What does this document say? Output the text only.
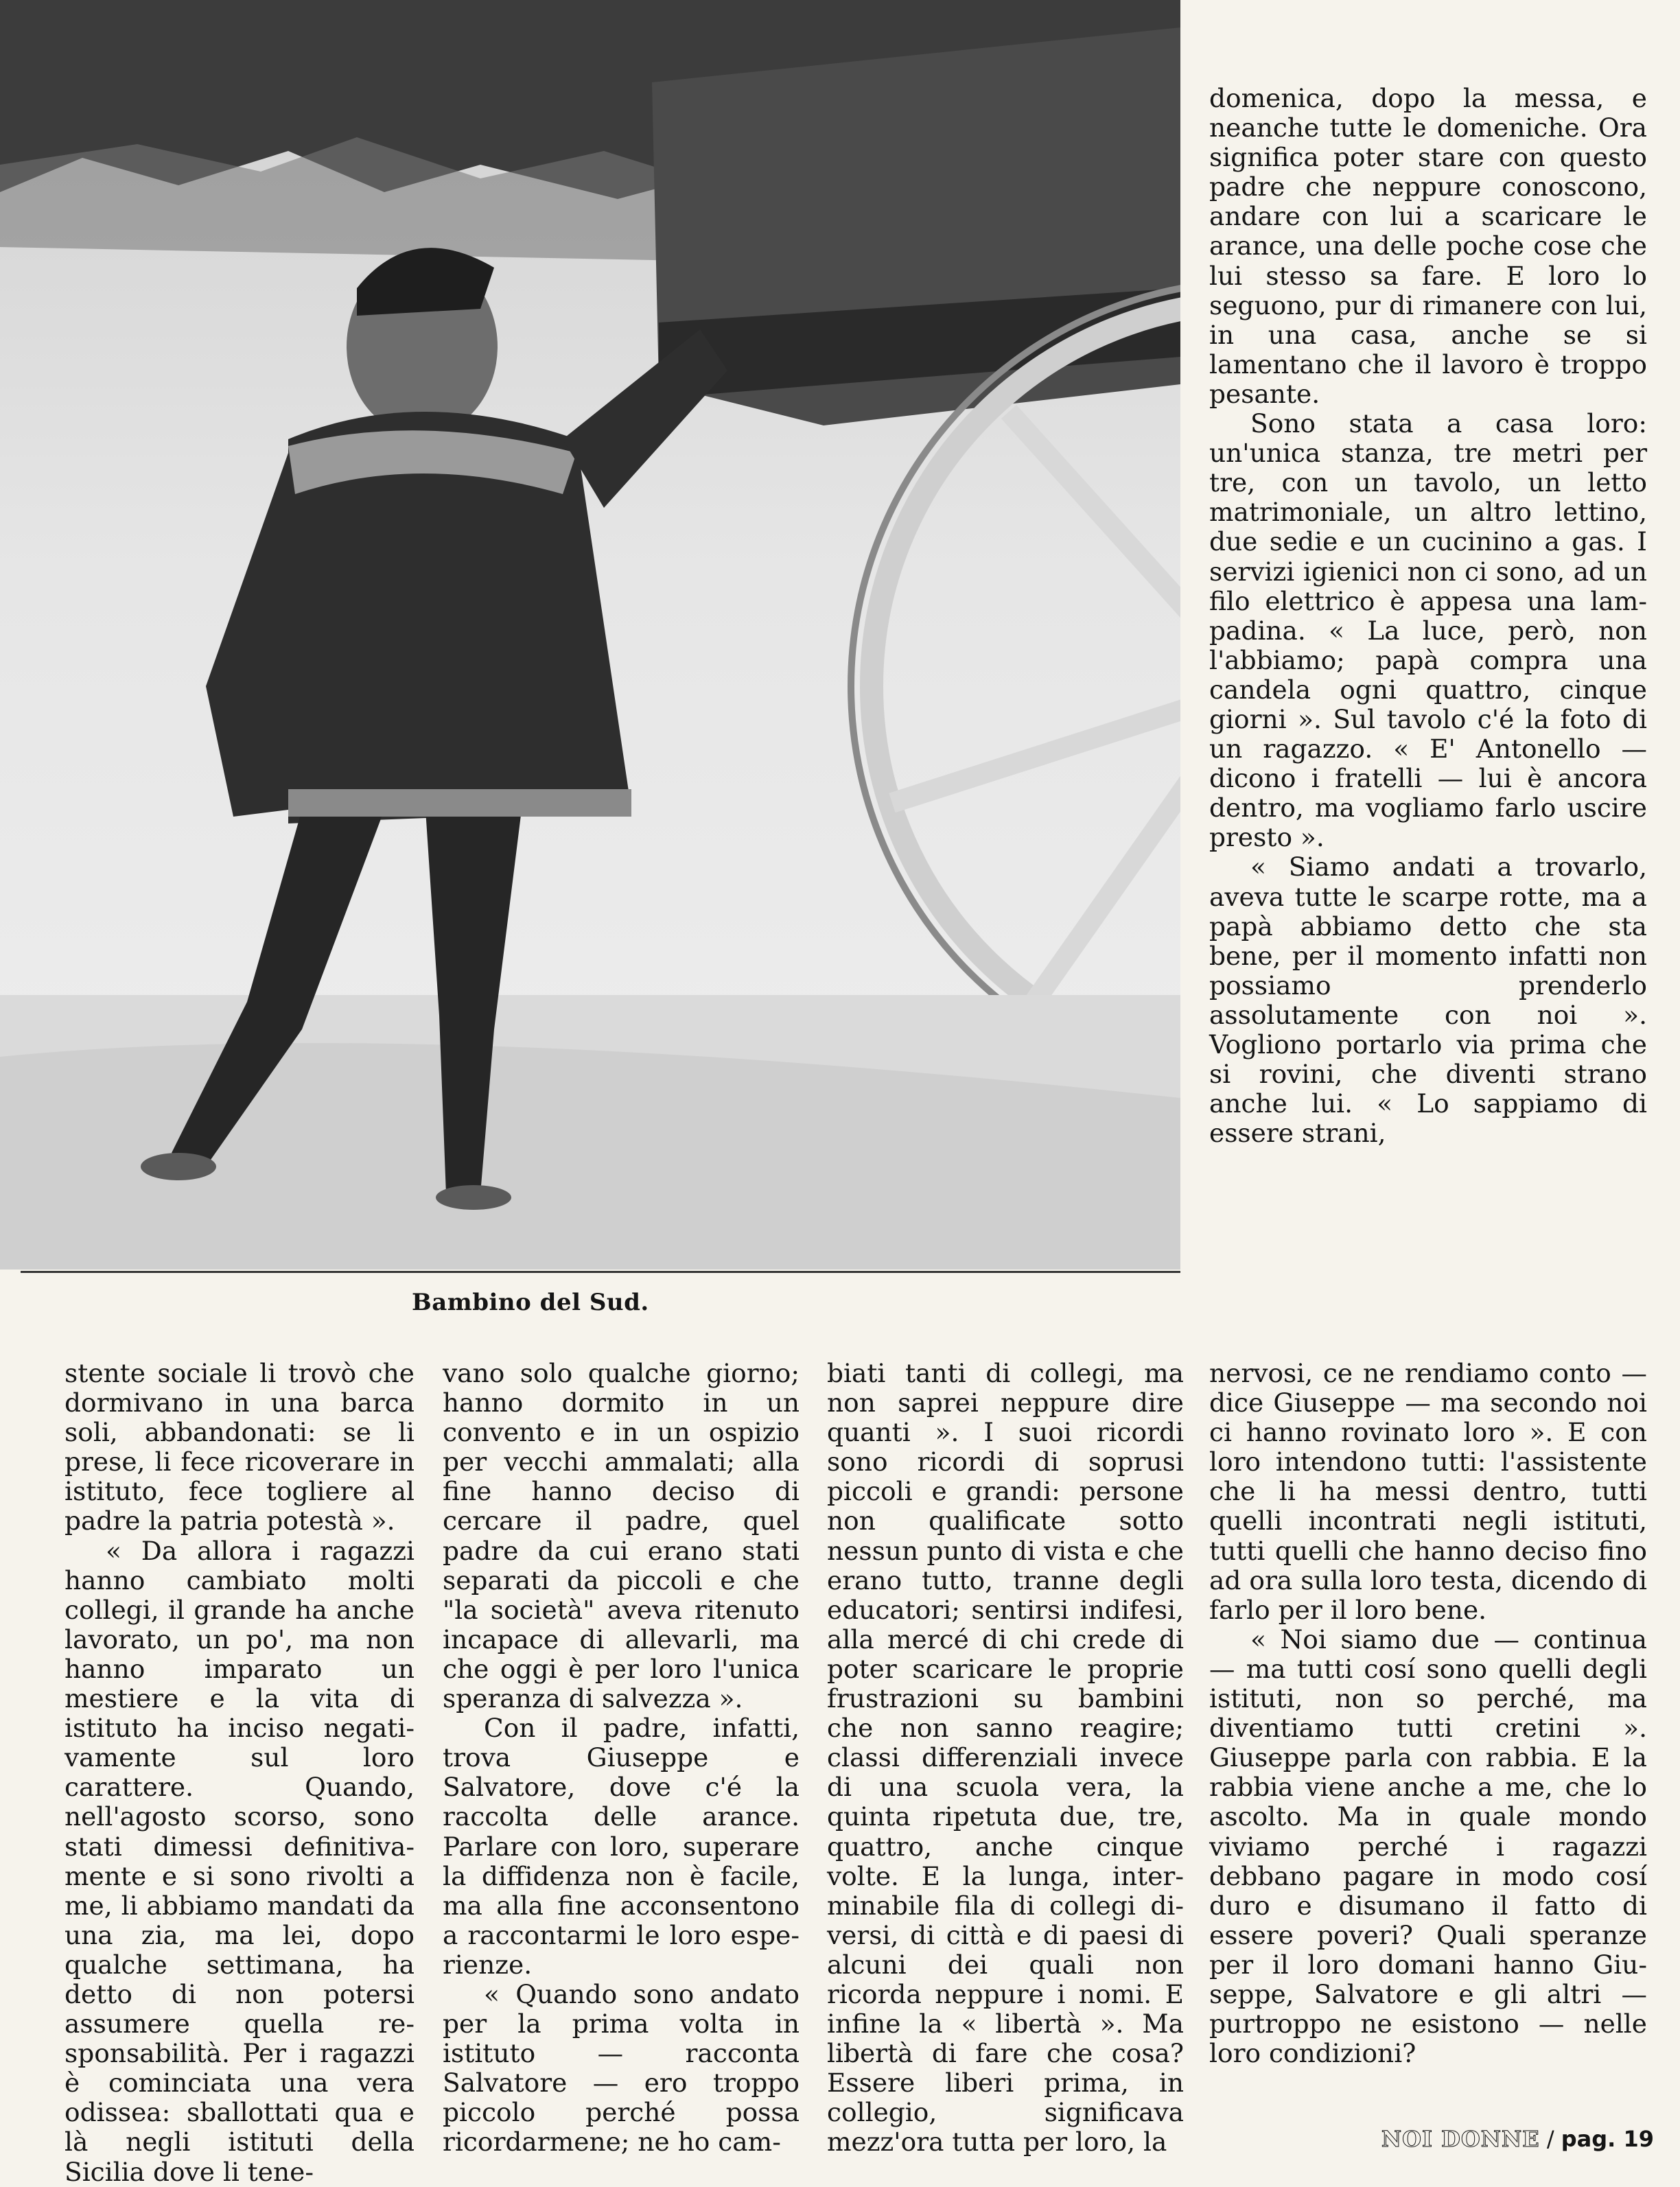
Bambino del Sud.

domenica, dopo la messa, e neanche tutte le domeniche. Ora significa poter stare con questo padre che neppure conoscono, andare con lui a scaricare le arance, una delle poche cose che lui stesso sa fare. E loro lo seguono, pur di rimanere con lui, in una casa, anche se si lamentano che il lavoro è troppo pesante.

Sono stata a casa loro: un'unica stanza, tre metri per tre, con un tavolo, un letto matrimoniale, un altro lettino, due sedie e un cucinino a gas. I servizi igienici non ci sono, ad un filo elettrico è appesa una lampadina. « La luce, però, non l'abbiamo; papà compra una candela ogni quattro, cinque giorni ». Sul tavolo c'é la foto di un ragazzo. « E' Antonello — dicono i fratelli — lui è ancora dentro, ma vogliamo farlo uscire presto ».

« Siamo andati a trovarlo, aveva tutte le scarpe rotte, ma a papà abbiamo detto che sta bene, per il momento infatti non possiamo prenderlo assolutamente con noi ». Vogliono portarlo via prima che si rovini, che diventi strano anche lui. « Lo sappiamo di essere strani,

stente sociale li trovò che dormivano in una barca soli, abbandonati: se li prese, li fece ricoverare in istituto, fece togliere al padre la patria potestà ».

« Da allora i ragazzi hanno cambiato molti collegi, il grande ha anche lavorato, un po', ma non hanno imparato un mestiere e la vita di istituto ha inciso negativamente sul loro carattere. Quando, nell'agosto scorso, sono stati dimessi definitivamente e si sono rivolti a me, li abbiamo mandati da una zia, ma lei, dopo qualche settimana, ha detto di non potersi assumere quella responsabilità. Per i ragazzi è cominciata una vera odissea: sballottati qua e là negli istituti della Sicilia dove li tene-

vano solo qualche giorno; hanno dormito in un convento e in un ospizio per vecchi ammalati; alla fine hanno deciso di cercare il padre, quel padre da cui erano stati separati da piccoli e che "la società" aveva ritenuto incapace di allevarli, ma che oggi è per loro l'unica speranza di salvezza ».

Con il padre, infatti, trova Giuseppe e Salvatore, dove c'é la raccolta delle arance. Parlare con loro, superare la diffidenza non è facile, ma alla fine acconsentono a raccontarmi le loro esperienze.

« Quando sono andato per la prima volta in istituto — racconta Salvatore — ero troppo piccolo perché possa ricordarmene; ne ho cam-

biati tanti di collegi, ma non saprei neppure dire quanti ». I suoi ricordi sono ricordi di soprusi piccoli e grandi: persone non qualificate sotto nessun punto di vista e che erano tutto, tranne degli educatori; sentirsi indifesi, alla mercé di chi crede di poter scaricare le proprie frustrazioni su bambini che non sanno reagire; classi differenziali invece di una scuola vera, la quinta ripetuta due, tre, quattro, anche cinque volte. E la lunga, interminabile fila di collegi diversi, di città e di paesi di alcuni dei quali non ricorda neppure i nomi. E infine la « libertà ». Ma libertà di fare che cosa? Essere liberi prima, in collegio, significava mezz'ora tutta per loro, la

nervosi, ce ne rendiamo conto — dice Giuseppe — ma secondo noi ci hanno rovinato loro ». E con loro intendono tutti: l'assistente che li ha messi dentro, tutti quelli incontrati negli istituti, tutti quelli che hanno deciso fino ad ora sulla loro testa, dicendo di farlo per il loro bene.

« Noi siamo due — continua — ma tutti cosí sono quelli degli istituti, non so perché, ma diventiamo tutti cretini ». Giuseppe parla con rabbia. E la rabbia viene anche a me, che lo ascolto. Ma in quale mondo viviamo perché i ragazzi debbano pagare in modo cosí duro e disumano il fatto di essere poveri? Quali speranze per il loro domani hanno Giuseppe, Salvatore e gli altri — purtroppo ne esistono — nelle loro condizioni?

NOI DONNE / pag. 19
